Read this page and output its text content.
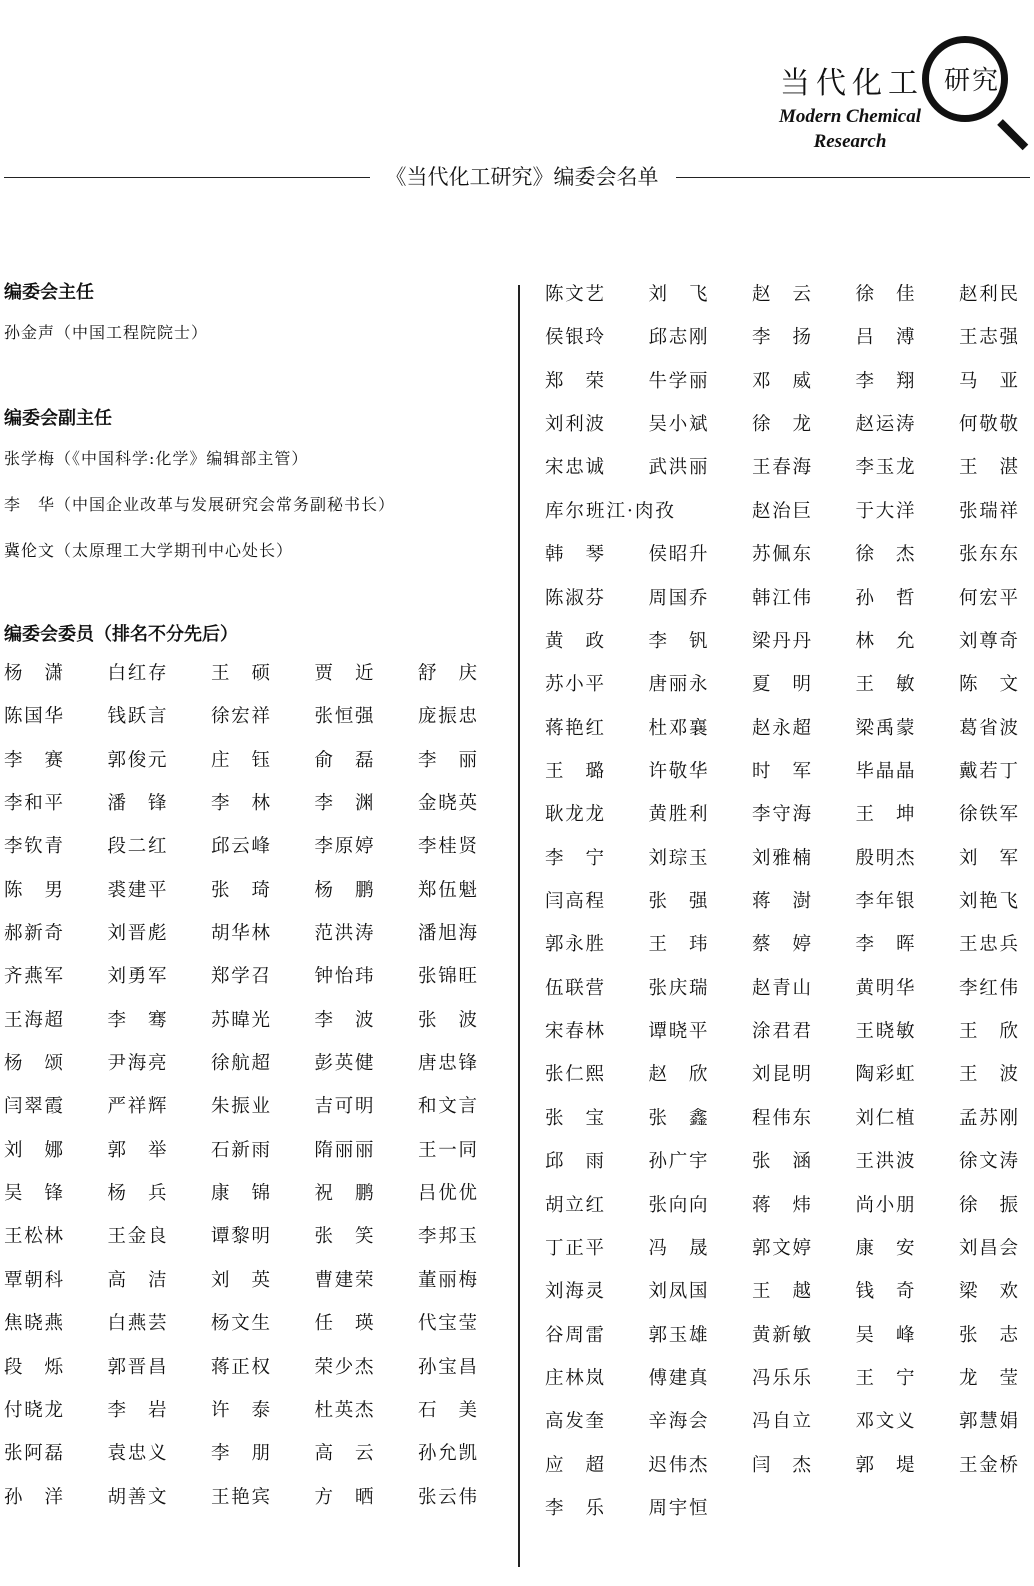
当代化工
Modern Chemical
Research
研究
《当代化工研究》编委会名单
编委会主任
孙金声（中国工程院院士）
编委会副主任
张学梅（《中国科学:化学》编辑部主管）
李　华（中国企业改革与发展研究会常务副秘书长）
冀伦文（太原理工大学期刊中心处长）
编委会委员（排名不分先后）
杨潇 白红存 王硕 贾近 舒庆
陈国华 钱跃言 徐宏祥 张恒强 庞振忠
李赛 郭俊元 庄钰 俞磊 李丽
李和平 潘锋 李林 李渊 金晓英
李钦青 段二红 邱云峰 李原婷 李桂贤
陈男 裘建平 张琦 杨鹏 郑伍魁
郝新奇 刘晋彪 胡华林 范洪涛 潘旭海
齐燕军 刘勇军 郑学召 钟怡玮 张锦旺
王海超 李骞 苏暐光 李波 张波
杨颂 尹海亮 徐航超 彭英健 唐忠锋
闫翠霞 严祥辉 朱振业 吉可明 和文言
刘娜 郭举 石新雨 隋丽丽 王一同
吴锋 杨兵 康锦 祝鹏 吕优优
王松林 王金良 谭黎明 张笑 李邦玉
覃朝科 高洁 刘英 曹建荣 董丽梅
焦晓燕 白燕芸 杨文生 任瑛 代宝莹
段烁 郭晋昌 蒋正权 荣少杰 孙宝昌
付晓龙 李岩 许泰 杜英杰 石美
张阿磊 袁忠义 李朋 高云 孙允凯
孙洋 胡善文 王艳宾 方晒 张云伟
陈文艺 刘飞 赵云 徐佳 赵利民
侯银玲 邱志刚 李扬 吕溥 王志强
郑荣 牛学丽 邓威 李翔 马亚
刘利波 吴小斌 徐龙 赵运涛 何敬敬
宋忠诚 武洪丽 王春海 李玉龙 王湛
库尔班江·肉孜	赵治巨 于大洋 张瑞祥
韩琴 侯昭升 苏佩东 徐杰 张东东
陈淑芬 周国乔 韩江伟 孙哲 何宏平
黄政 李钒 梁丹丹 林允 刘尊奇
苏小平 唐丽永 夏明 王敏 陈文
蒋艳红 杜邓襄 赵永超 梁禹蒙 葛省波
王璐 许敬华 时军 毕晶晶 戴若丁
耿龙龙 黄胜利 李守海 王坤 徐铁军
李宁 刘琮玉 刘雅楠 殷明杰 刘军
闫高程 张强 蒋澍 李年银 刘艳飞
郭永胜 王玮 蔡婷 李晖 王忠兵
伍联营 张庆瑞 赵青山 黄明华 李红伟
宋春林 谭晓平 涂君君 王晓敏 王欣
张仁熙 赵欣 刘昆明 陶彩虹 王波
张宝 张鑫 程伟东 刘仁植 孟苏刚
邱雨 孙广宇 张涵 王洪波 徐文涛
胡立红 张向向 蒋炜 尚小朋 徐振
丁正平 冯晟 郭文婷 康安 刘昌会
刘海灵 刘凤国 王越 钱奇 梁欢
谷周雷 郭玉雄 黄新敏 吴峰 张志
庄林岚 傅建真 冯乐乐 王宁 龙莹
高发奎 辛海会 冯自立 邓文义 郭慧娟
应超 迟伟杰 闫杰 郭堤 王金桥
李乐 周宇恒
